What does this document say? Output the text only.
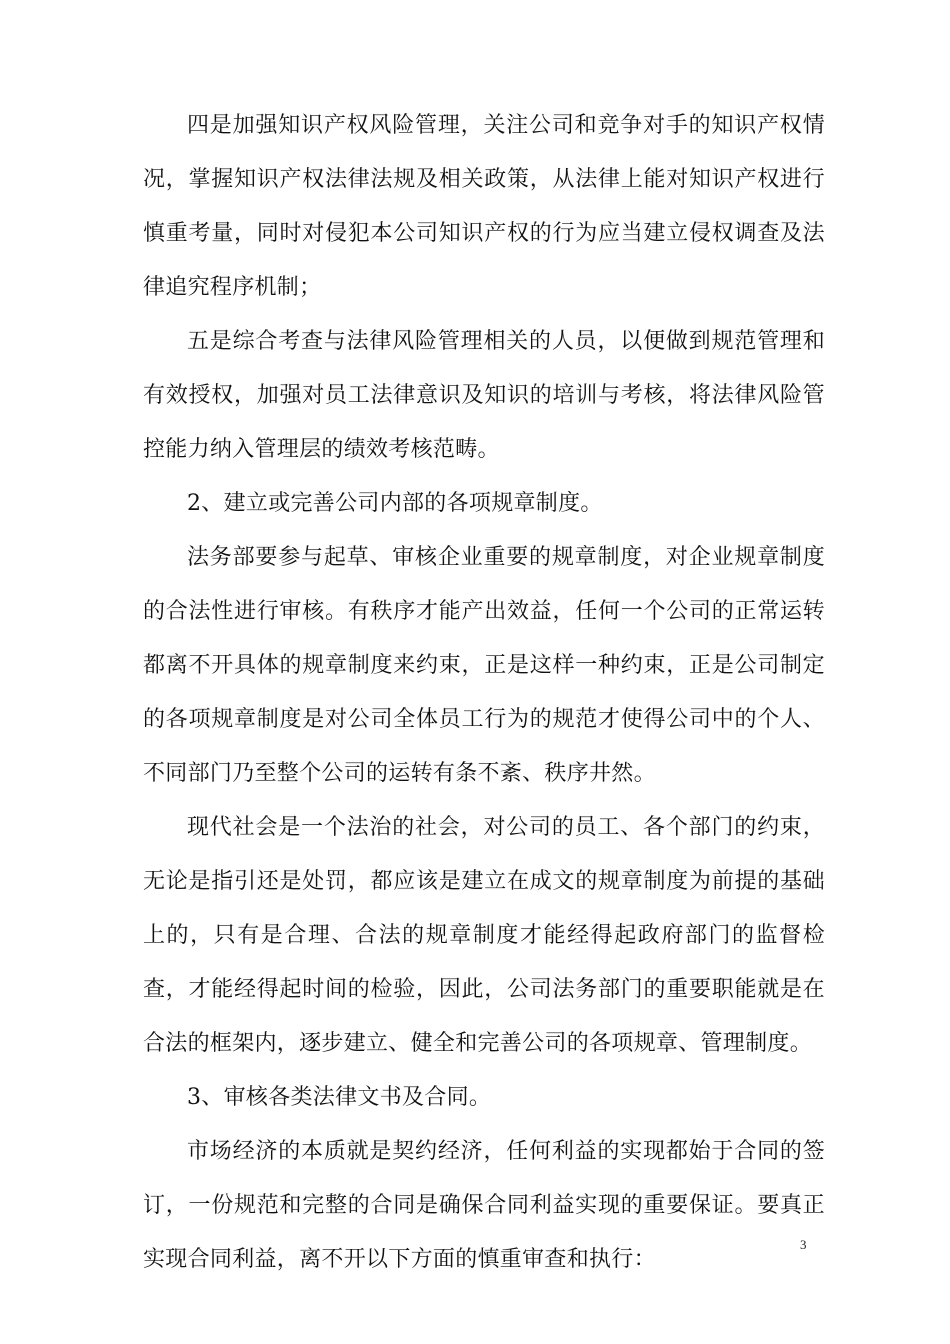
四是加强知识产权风险管理，关注公司和竞争对手的知识产权情况，掌握知识产权法律法规及相关政策，从法律上能对知识产权进行慎重考量，同时对侵犯本公司知识产权的行为应当建立侵权调查及法律追究程序机制；

五是综合考查与法律风险管理相关的人员，以便做到规范管理和有效授权，加强对员工法律意识及知识的培训与考核，将法律风险管控能力纳入管理层的绩效考核范畴。

2、建立或完善公司内部的各项规章制度。

法务部要参与起草、审核企业重要的规章制度，对企业规章制度的合法性进行审核。有秩序才能产出效益，任何一个公司的正常运转都离不开具体的规章制度来约束，正是这样一种约束，正是公司制定的各项规章制度是对公司全体员工行为的规范才使得公司中的个人、不同部门乃至整个公司的运转有条不紊、秩序井然。

现代社会是一个法治的社会，对公司的员工、各个部门的约束，无论是指引还是处罚，都应该是建立在成文的规章制度为前提的基础上的，只有是合理、合法的规章制度才能经得起政府部门的监督检查，才能经得起时间的检验，因此，公司法务部门的重要职能就是在合法的框架内，逐步建立、健全和完善公司的各项规章、管理制度。

3、审核各类法律文书及合同。

市场经济的本质就是契约经济，任何利益的实现都始于合同的签订，一份规范和完整的合同是确保合同利益实现的重要保证。要真正实现合同利益，离不开以下方面的慎重审查和执行：

3
